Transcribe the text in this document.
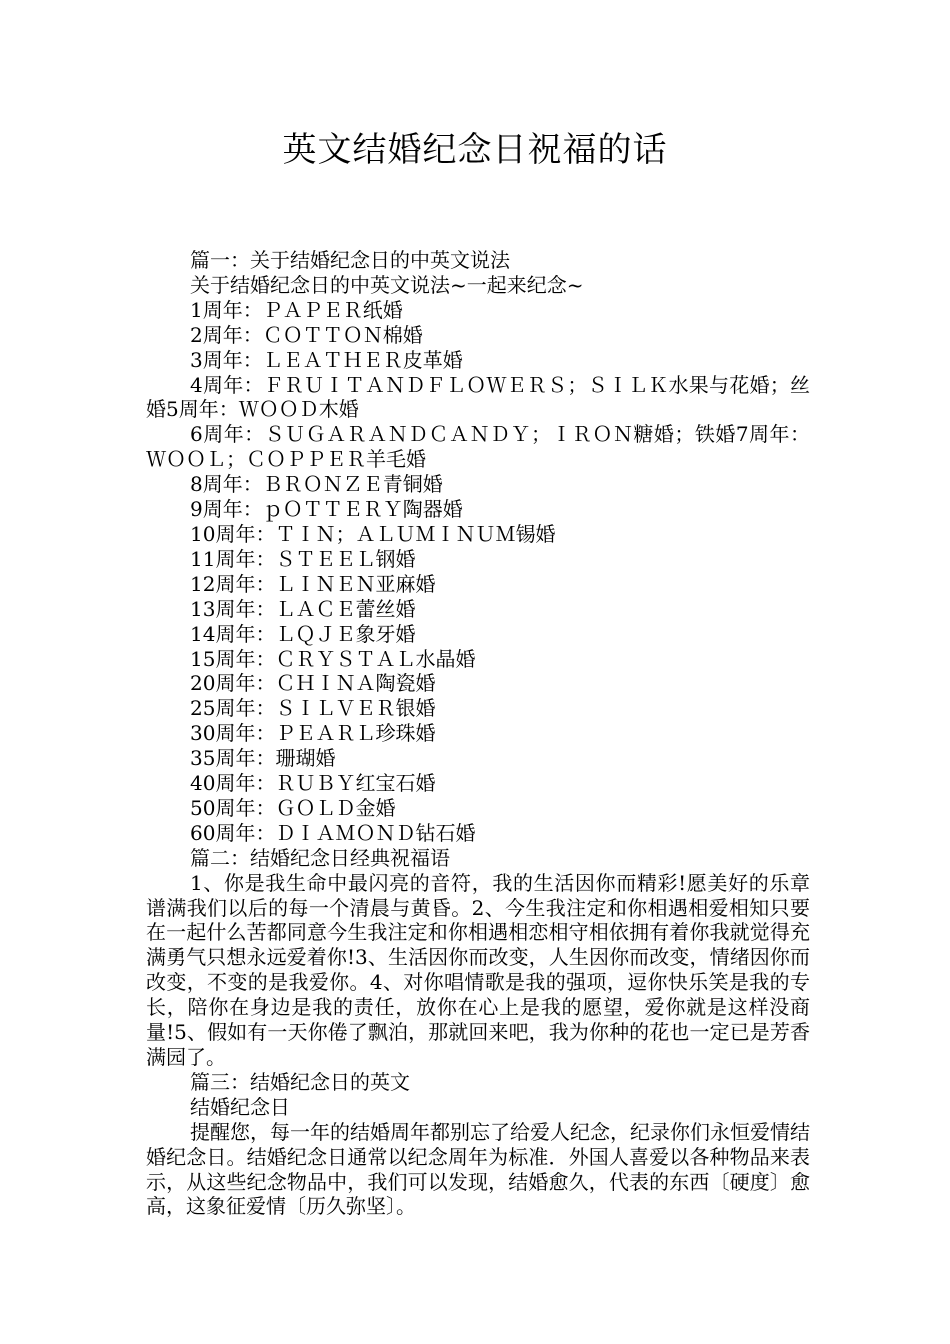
英文结婚纪念日祝福的话

篇一：关于结婚纪念日的中英文说法

关于结婚纪念日的中英文说法~一起来纪念~

1周年：ＰＡＰＥＲ纸婚

2周年：ＣＯＴＴＯＮ棉婚

3周年：ＬＥＡＴＨＥＲ皮革婚

4周年：ＦＲＵＩＴＡＮＤＦＬＯＷＥＲＳ；ＳＩＬＫ水果与花婚；丝婚5周年：ＷＯＯＤ木婚

6周年：ＳＵＧＡＲＡＮＤＣＡＮＤＹ；ＩＲＯＮ糖婚；铁婚7周年：ＷＯＯＬ；ＣＯＰＰＥＲ羊毛婚

8周年：ＢＲＯＮＺＥ青铜婚

9周年：ｐＯＴＴＥＲＹ陶器婚

10周年：ＴＩＮ；ＡＬＵＭＩＮＵＭ锡婚

11周年：ＳＴＥＥＬ钢婚

12周年：ＬＩＮＥＮ亚麻婚

13周年：ＬＡＣＥ蕾丝婚

14周年：ＬＱＪＥ象牙婚

15周年：ＣＲＹＳＴＡＬ水晶婚

20周年：ＣＨＩＮＡ陶瓷婚

25周年：ＳＩＬＶＥＲ银婚

30周年：ＰＥＡＲＬ珍珠婚

35周年：珊瑚婚

40周年：ＲＵＢＹ红宝石婚

50周年：ＧＯＬＤ金婚

60周年：ＤＩＡＭＯＮＤ钻石婚

篇二：结婚纪念日经典祝福语

1、你是我生命中最闪亮的音符，我的生活因你而精彩!愿美好的乐章谱满我们以后的每一个清晨与黄昏。2、今生我注定和你相遇相爱相知只要在一起什么苦都同意今生我注定和你相遇相恋相守相依拥有着你我就觉得充满勇气只想永远爱着你!3、生活因你而改变，人生因你而改变，情绪因你而改变，不变的是我爱你。4、对你唱情歌是我的强项，逗你快乐笑是我的专长，陪你在身边是我的责任，放你在心上是我的愿望，爱你就是这样没商量!5、假如有一天你倦了飘泊，那就回来吧，我为你种的花也一定已是芳香满园了。

篇三：结婚纪念日的英文

结婚纪念日

提醒您，每一年的结婚周年都别忘了给爱人纪念，纪录你们永恒爱情结婚纪念日。结婚纪念日通常以纪念周年为标准．外国人喜爱以各种物品来表示，从这些纪念物品中，我们可以发现，结婚愈久，代表的东西〔硬度〕愈高，这象征爱情〔历久弥坚〕。
